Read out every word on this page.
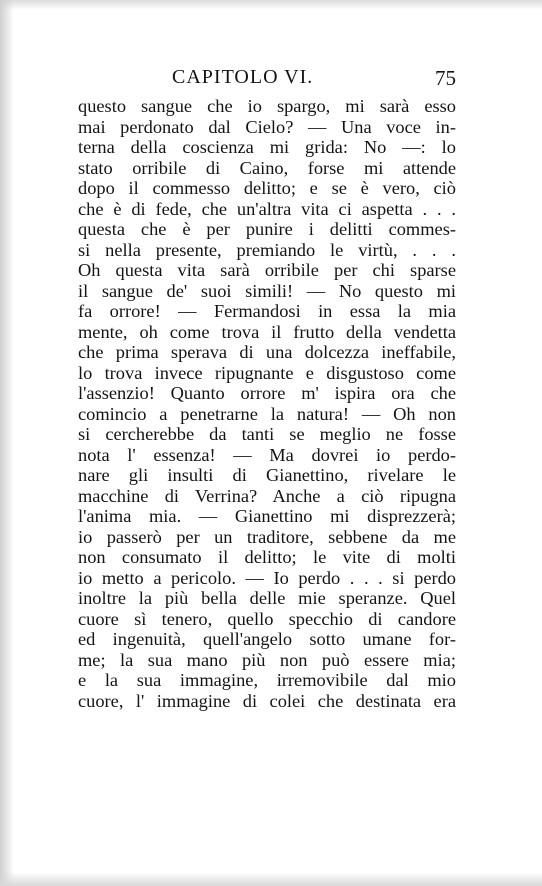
CAPITOLO VI.	75
questo sangue che io spargo, mi sarà esso
mai perdonato dal Cielo? — Una voce in-
terna della coscienza mi grida: No —: lo
stato orribile di Caino, forse mi attende
dopo il commesso delitto; e se è vero, ciò
che è di fede, che un'altra vita ci aspetta . . .
questa che è per punire i delitti commes-
si nella presente, premiando le virtù, . . .
Oh questa vita sarà orribile per chi sparse
il sangue de' suoi simili! — No questo mi
fa orrore! — Fermandosi in essa la mia
mente, oh come trova il frutto della vendetta
che prima sperava di una dolcezza ineffabile,
lo trova invece ripugnante e disgustoso come
l'assenzio! Quanto orrore m' ispira ora che
comincio a penetrarne la natura! — Oh non
si cercherebbe da tanti se meglio ne fosse
nota l' essenza! — Ma dovrei io perdo-
nare gli insulti di Gianettino, rivelare le
macchine di Verrina? Anche a ciò ripugna
l'anima mia. — Gianettino mi disprezzerà;
io passerò per un traditore, sebbene da me
non consumato il delitto; le vite di molti
io metto a pericolo. — Io perdo . . . si perdo
inoltre la più bella delle mie speranze. Quel
cuore sì tenero, quello specchio di candore
ed ingenuità, quell'angelo sotto umane for-
me; la sua mano più non può essere mia;
e la sua immagine, irremovibile dal mio
cuore, l' immagine di colei che destinata era
